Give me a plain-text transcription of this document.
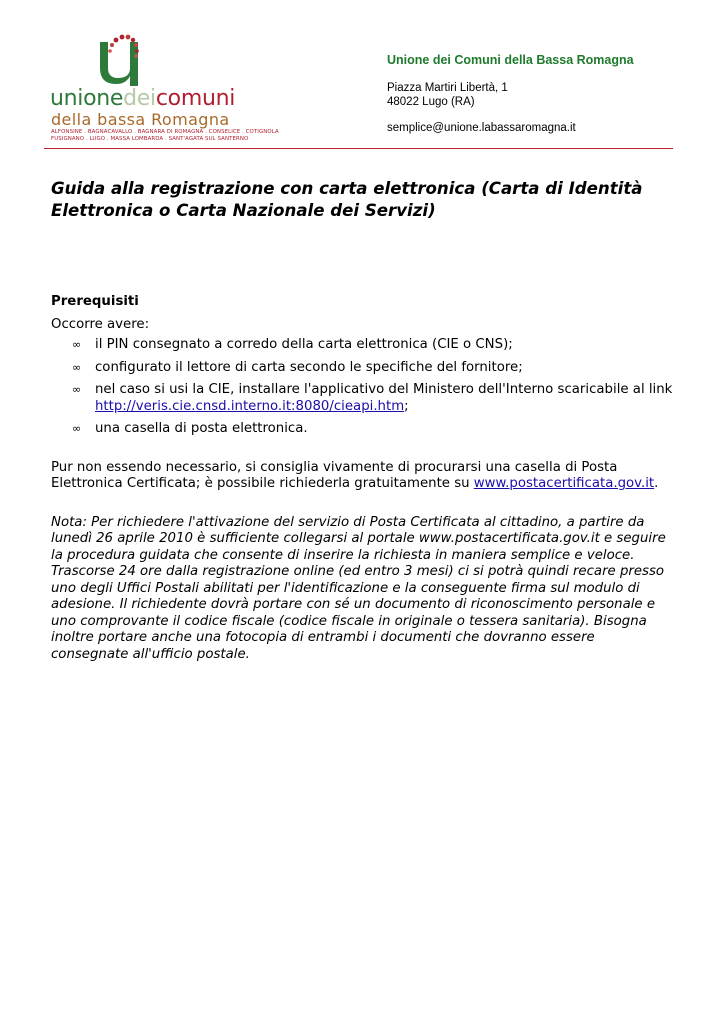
unionedeicomuni
della bassa Romagna
ALFONSINE . BAGNACAVALLO . BAGNARA DI ROMAGNA . CONSELICE . COTIGNOLA
FUSIGNANO . LUGO . MASSA LOMBARDA . SANT'AGATA SUL SANTERNO

Unione dei Comuni della Bassa Romagna

Piazza Martiri Libertà, 1
48022 Lugo (RA)
semplice@unione.labassaromagna.it
Guida alla registrazione con carta elettronica (Carta di Identità Elettronica o Carta Nazionale dei Servizi)

Prerequisiti

Occorre avere:

∞ il PIN consegnato a corredo della carta elettronica (CIE o CNS);
∞ configurato il lettore di carta secondo le specifiche del fornitore;
∞ nel caso si usi la CIE, installare l'applicativo del Ministero dell'Interno scaricabile al link http://veris.cie.cnsd.interno.it:8080/cieapi.htm;
∞ una casella di posta elettronica.

Pur non essendo necessario, si consiglia vivamente di procurarsi una casella di Posta Elettronica Certificata; è possibile richiederla gratuitamente su www.postacertificata.gov.it.

Nota: Per richiedere l'attivazione del servizio di Posta Certificata al cittadino, a partire da lunedì 26 aprile 2010 è sufficiente collegarsi al portale www.postacertificata.gov.it e seguire la procedura guidata che consente di inserire la richiesta in maniera semplice e veloce. Trascorse 24 ore dalla registrazione online (ed entro 3 mesi) ci si potrà quindi recare presso uno degli Uffici Postali abilitati per l'identificazione e la conseguente firma sul modulo di adesione. Il richiedente dovrà portare con sé un documento di riconoscimento personale e uno comprovante il codice fiscale (codice fiscale in originale o tessera sanitaria). Bisogna inoltre portare anche una fotocopia di entrambi i documenti che dovranno essere consegnate all'ufficio postale.
